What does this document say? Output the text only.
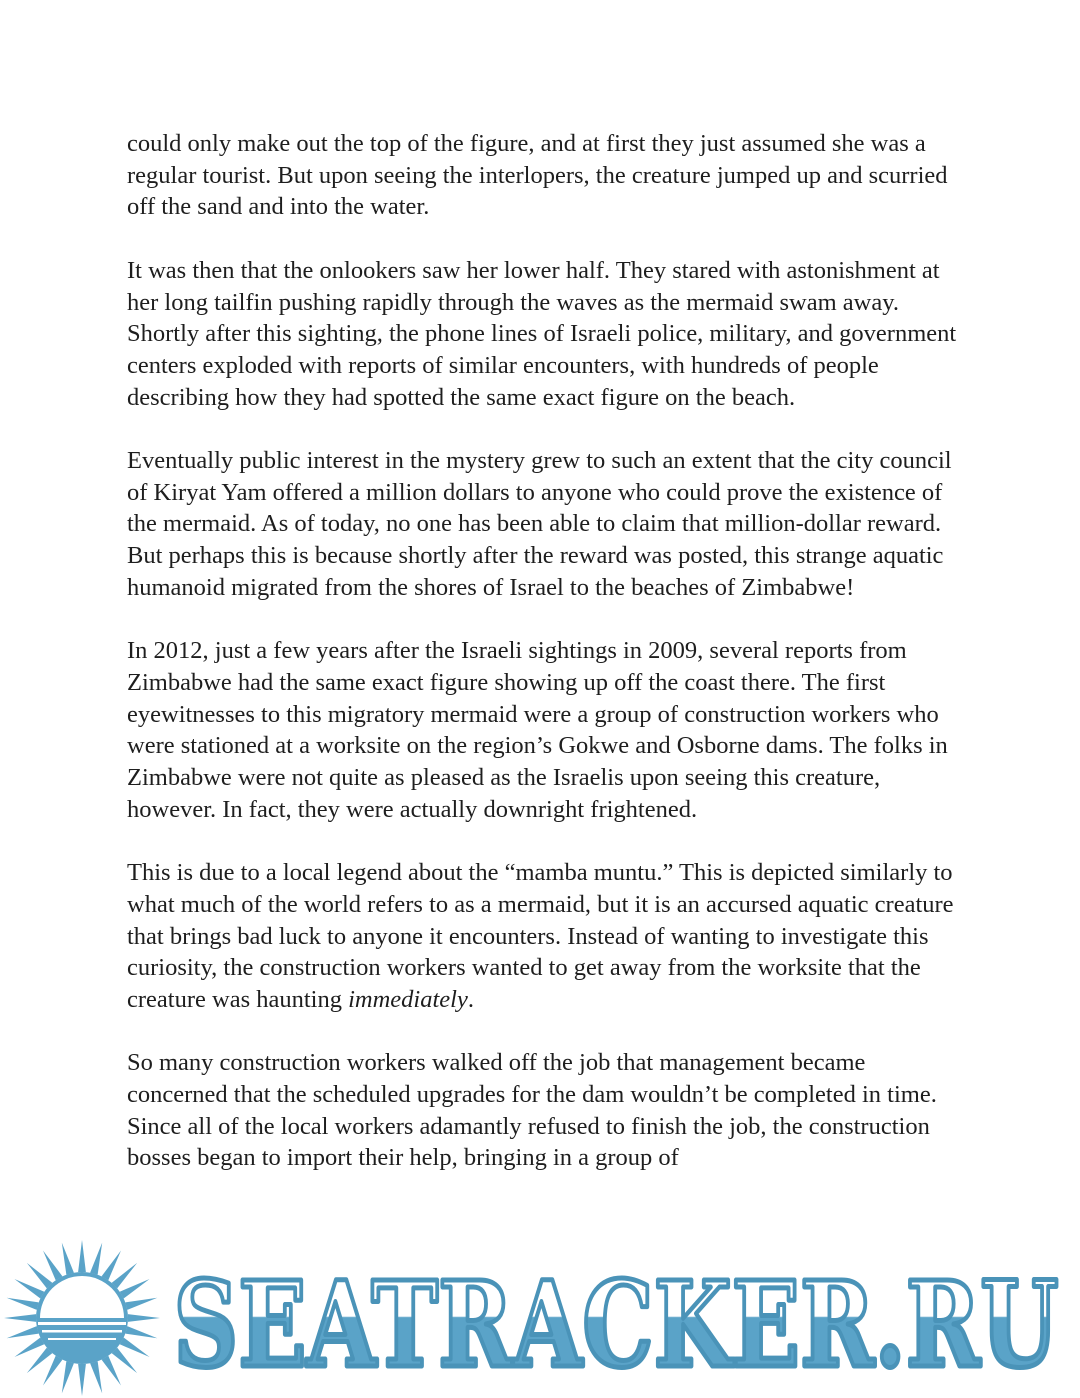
could only make out the top of the figure, and at first they just assumed she was a regular tourist. But upon seeing the interlopers, the creature jumped up and scurried off the sand and into the water.

It was then that the onlookers saw her lower half. They stared with astonishment at her long tailfin pushing rapidly through the waves as the mermaid swam away. Shortly after this sighting, the phone lines of Israeli police, military, and government centers exploded with reports of similar encounters, with hundreds of people describing how they had spotted the same exact figure on the beach.

Eventually public interest in the mystery grew to such an extent that the city council of Kiryat Yam offered a million dollars to anyone who could prove the existence of the mermaid. As of today, no one has been able to claim that million-dollar reward. But perhaps this is because shortly after the reward was posted, this strange aquatic humanoid migrated from the shores of Israel to the beaches of Zimbabwe!

In 2012, just a few years after the Israeli sightings in 2009, several reports from Zimbabwe had the same exact figure showing up off the coast there. The first eyewitnesses to this migratory mermaid were a group of construction workers who were stationed at a worksite on the region’s Gokwe and Osborne dams. The folks in Zimbabwe were not quite as pleased as the Israelis upon seeing this creature, however. In fact, they were actually downright frightened.

This is due to a local legend about the “mamba muntu.” This is depicted similarly to what much of the world refers to as a mermaid, but it is an accursed aquatic creature that brings bad luck to anyone it encounters. Instead of wanting to investigate this curiosity, the construction workers wanted to get away from the worksite that the creature was haunting immediately.

So many construction workers walked off the job that management became concerned that the scheduled upgrades for the dam wouldn’t be completed in time. Since all of the local workers adamantly refused to finish the job, the construction bosses began to import their help, bringing in a group of

SEATRACKER.RU
